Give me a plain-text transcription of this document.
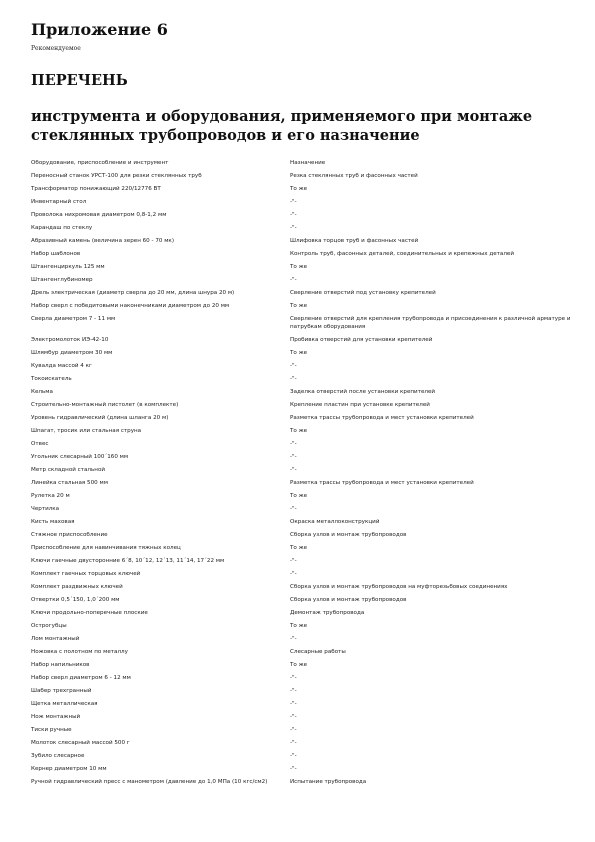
Приложение 6
Рекомендуемое
ПЕРЕЧЕНЬ
инструмента и оборудования, применяемого при монтаже стеклянных трубопроводов и его назначение
Оборудование, приспособление и инструмент	Назначение
Переносный станок УРСТ-100 для резки стеклянных труб	Резка стеклянных труб и фасонных частей
Трансформатор понижающий 220/12776 ВТ	То же
Инвентарный стол	-"-
Проволока нихромовая диаметром 0,8-1,2 мм	-"-
Карандаш по стеклу	-"-
Абразивный камень (величина зерен 60 - 70 мк)	Шлифовка торцов труб и фасонных частей
Набор шаблонов	Контроль труб, фасонных деталей, соединительных и крепежных деталей
Штангенциркуль 125 мм	То же
Штангенглубиномер	-"-
Дрель электрическая (диаметр сверла до 20 мм, длина шнура 20 м)	Сверление отверстий под установку крепителей
Набор сверл с победитовыми наконечниками диаметром до 20 мм	То же
Сверла диаметром 7 - 11 мм	Сверление отверстий для крепления трубопровода и присоединения к различной арматуре и патрубкам оборудования
Электромолоток ИЭ-42-10	Пробивка отверстий для установки крепителей
Шлямбур диаметром 30 мм	То же
Кувалда массой 4 кг	-"-
Токоискатель	-"-
Кельма	Заделка отверстий после установки крепителей
Строительно-монтажный пистолет (в комплекте)	Крепление пластин при установке крепителей
Уровень гидравлический (длина шланга 20 м)	Разметка трассы трубопровода и мест установки крепителей
Шпагат, тросик или стальная струна	То же
Отвес	-"-
Угольник слесарный 100´160 мм	-"-
Метр складной стальной	-"-
Линейка стальная 500 мм	Разметка трассы трубопровода и мест установки крепителей
Рулетка 20 м	То же
Чертилка	-"-
Кисть маховая	Окраска металлоконструкций
Стяжное приспособление	Сборка узлов и монтаж трубопроводов
Приспособление для навинчивания тяжных колец	То же
Ключи гаечные двусторонние 6´8, 10´12, 12´13, 11´14, 17´22 мм	-"-
Комплект гаечных торцовых ключей	-"-
Комплект раздвижных ключей	Сборка узлов и монтаж трубопроводов на муфторезьбовых соединениях
Отвертки 0,5´150, 1,0´200 мм	Сборка узлов и монтаж трубопроводов
Ключи продольно-поперечные плоские	Демонтаж трубопровода
Острогубцы	То же
Лом монтажный	-"-
Ножовка с полотном по металлу	Слесарные работы
Набор напильников	То же
Набор сверл диаметром 6 - 12 мм	-"-
Шабер трехгранный	-"-
Щетка металлическая	-"-
Нож монтажный	-"-
Тиски ручные	-"-
Молоток слесарный массой 500 г	-"-
Зубило слесарное	-"-
Кернер диаметром 10 мм	-"-
Ручной гидравлический пресс с манометром (давление до 1,0 МПа (10 кгс/см2)	Испытание трубопровода
